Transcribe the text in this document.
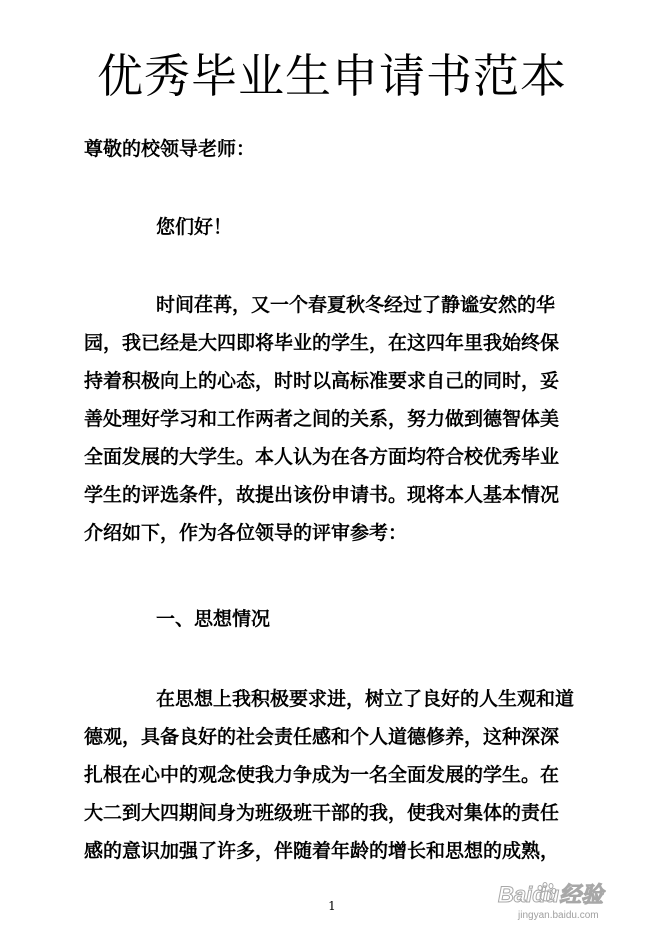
优秀毕业生申请书范本
尊敬的校领导老师：
您们好！
时间荏苒，又一个春夏秋冬经过了静谧安然的华
园，我已经是大四即将毕业的学生，在这四年里我始终保
持着积极向上的心态，时时以高标准要求自己的同时，妥
善处理好学习和工作两者之间的关系，努力做到德智体美
全面发展的大学生。本人认为在各方面均符合校优秀毕业
学生的评选条件，故提出该份申请书。现将本人基本情况
介绍如下，作为各位领导的评审参考：
一、思想情况
在思想上我积极要求进，树立了良好的人生观和道
德观，具备良好的社会责任感和个人道德修养，这种深深
扎根在心中的观念使我力争成为一名全面发展的学生。在
大二到大四期间身为班级班干部的我，使我对集体的责任
感的意识加强了许多，伴随着年龄的增长和思想的成熟，
1	Baidu经验
jingyan.baidu.com
